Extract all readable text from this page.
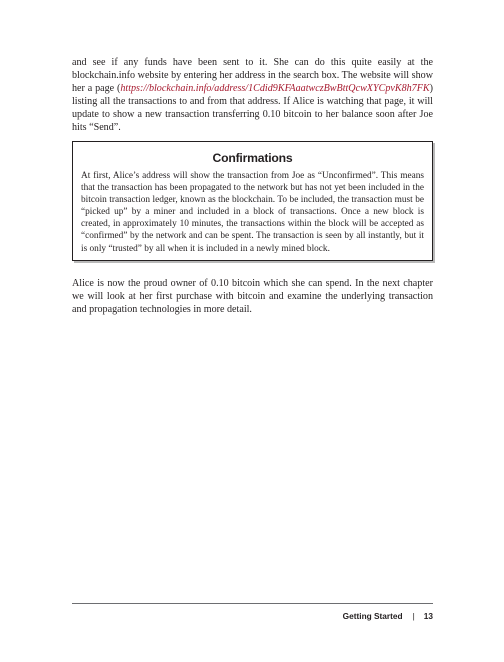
and see if any funds have been sent to it. She can do this quite easily at the blockchain.info website by entering her address in the search box. The website will show her a page (https://blockchain.info/address/1Cdid9KFAaatwczBwBttQcwXYCpvK8h7FK) listing all the transactions to and from that address. If Alice is watching that page, it will update to show a new transaction transferring 0.10 bitcoin to her balance soon after Joe hits “Send”.

Confirmations

At first, Alice’s address will show the transaction from Joe as “Unconfirmed”. This means that the transaction has been propagated to the network but has not yet been included in the bitcoin transaction ledger, known as the blockchain. To be included, the transaction must be “picked up” by a miner and included in a block of transactions. Once a new block is created, in approximately 10 minutes, the transactions within the block will be accepted as “confirmed” by the network and can be spent. The transaction is seen by all instantly, but it is only “trusted” by all when it is included in a newly mined block.

Alice is now the proud owner of 0.10 bitcoin which she can spend. In the next chapter we will look at her first purchase with bitcoin and examine the underlying transaction and propagation technologies in more detail.

Getting Started | 13
